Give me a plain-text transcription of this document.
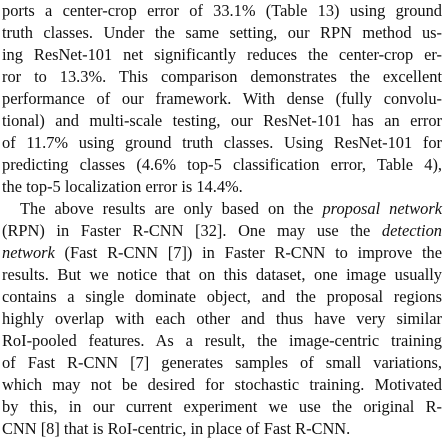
ports a center-crop error of 33.1% (Table 13) using ground
truth classes. Under the same setting, our RPN method us-
ing ResNet-101 net significantly reduces the center-crop er-
ror to 13.3%. This comparison demonstrates the excellent
performance of our framework. With dense (fully convolu-
tional) and multi-scale testing, our ResNet-101 has an error
of 11.7% using ground truth classes. Using ResNet-101 for
predicting classes (4.6% top-5 classification error, Table 4),
the top-5 localization error is 14.4%.
The above results are only based on the proposal network
(RPN) in Faster R-CNN [32]. One may use the detection
network (Fast R-CNN [7]) in Faster R-CNN to improve the
results. But we notice that on this dataset, one image usually
contains a single dominate object, and the proposal regions
highly overlap with each other and thus have very similar
RoI-pooled features. As a result, the image-centric training
of Fast R-CNN [7] generates samples of small variations,
which may not be desired for stochastic training. Motivated
by this, in our current experiment we use the original R-
CNN [8] that is RoI-centric, in place of Fast R-CNN.
